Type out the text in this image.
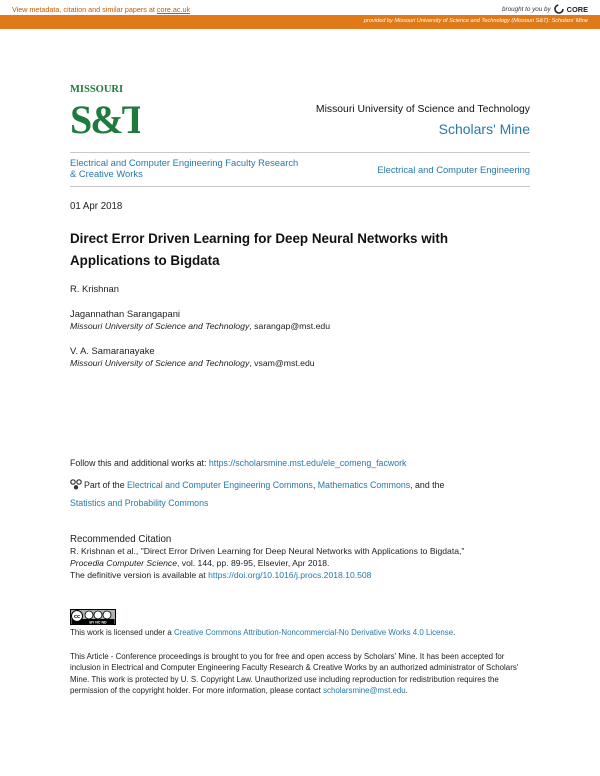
View metadata, citation and similar papers at core.ac.uk	brought to you by CORE
provided by Missouri University of Science and Technology (Missouri S&T): Scholars' Mine
MISSOURI
S&T	Missouri University of Science and Technology
Scholars' Mine
Electrical and Computer Engineering Faculty Research & Creative Works	Electrical and Computer Engineering
01 Apr 2018
Direct Error Driven Learning for Deep Neural Networks with Applications to Bigdata
R. Krishnan
Jagannathan Sarangapani
Missouri University of Science and Technology, sarangap@mst.edu
V. A. Samaranayake
Missouri University of Science and Technology, vsam@mst.edu
Follow this and additional works at: https://scholarsmine.mst.edu/ele_comeng_facwork
Part of the Electrical and Computer Engineering Commons, Mathematics Commons, and the
Statistics and Probability Commons
Recommended Citation
R. Krishnan et al., "Direct Error Driven Learning for Deep Neural Networks with Applications to Bigdata,"
Procedia Computer Science, vol. 144, pp. 89-95, Elsevier, Apr 2018.
The definitive version is available at https://doi.org/10.1016/j.procs.2018.10.508
cc
BY NC ND
This work is licensed under a Creative Commons Attribution-Noncommercial-No Derivative Works 4.0 License.
This Article - Conference proceedings is brought to you for free and open access by Scholars' Mine. It has been accepted for inclusion in Electrical and Computer Engineering Faculty Research & Creative Works by an authorized administrator of Scholars' Mine. This work is protected by U. S. Copyright Law. Unauthorized use including reproduction for redistribution requires the permission of the copyright holder. For more information, please contact scholarsmine@mst.edu.
